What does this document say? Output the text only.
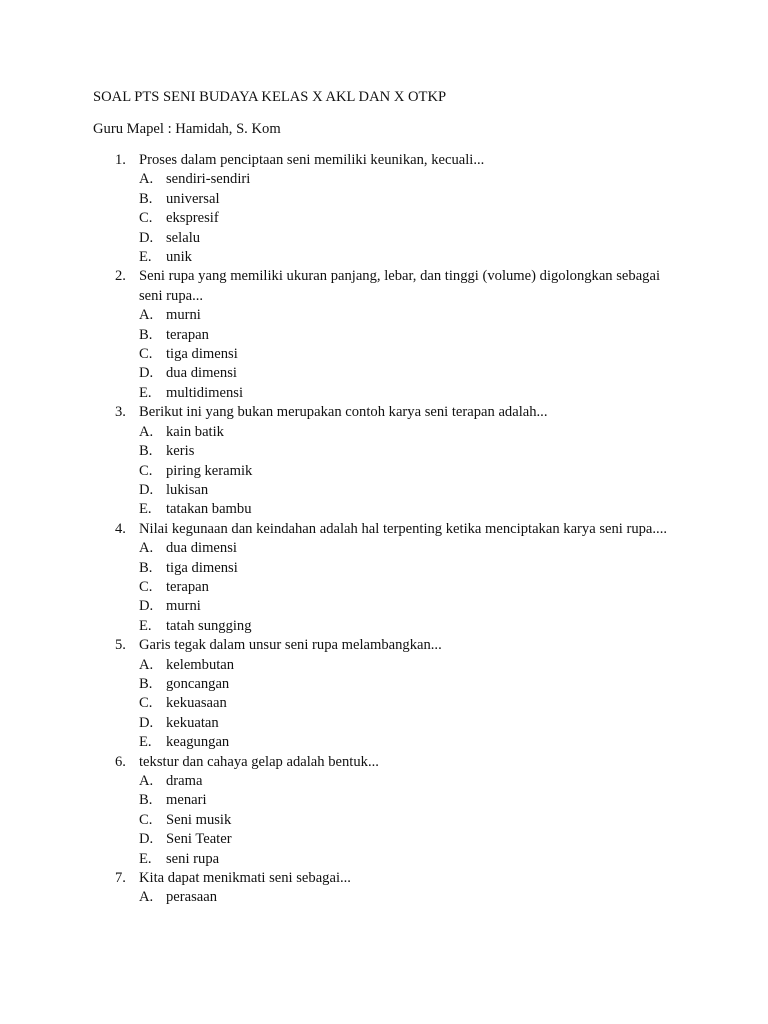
SOAL PTS SENI BUDAYA KELAS X AKL DAN X OTKP
Guru Mapel : Hamidah, S. Kom
1. Proses dalam penciptaan seni memiliki keunikan, kecuali...
A. sendiri-sendiri
B. universal
C. ekspresif
D. selalu
E. unik
2. Seni rupa yang memiliki ukuran panjang, lebar, dan tinggi (volume) digolongkan sebagai seni rupa...
A. murni
B. terapan
C. tiga dimensi
D. dua dimensi
E. multidimensi
3. Berikut ini yang bukan merupakan contoh karya seni terapan adalah...
A. kain batik
B. keris
C. piring keramik
D. lukisan
E. tatakan bambu
4. Nilai kegunaan dan keindahan adalah hal terpenting ketika menciptakan karya seni rupa....
A. dua dimensi
B. tiga dimensi
C. terapan
D. murni
E. tatah sungging
5. Garis tegak dalam unsur seni rupa melambangkan...
A. kelembutan
B. goncangan
C. kekuasaan
D. kekuatan
E. keagungan
6. tekstur dan cahaya gelap adalah bentuk...
A. drama
B. menari
C. Seni musik
D. Seni Teater
E. seni rupa
7. Kita dapat menikmati seni sebagai...
A. perasaan
